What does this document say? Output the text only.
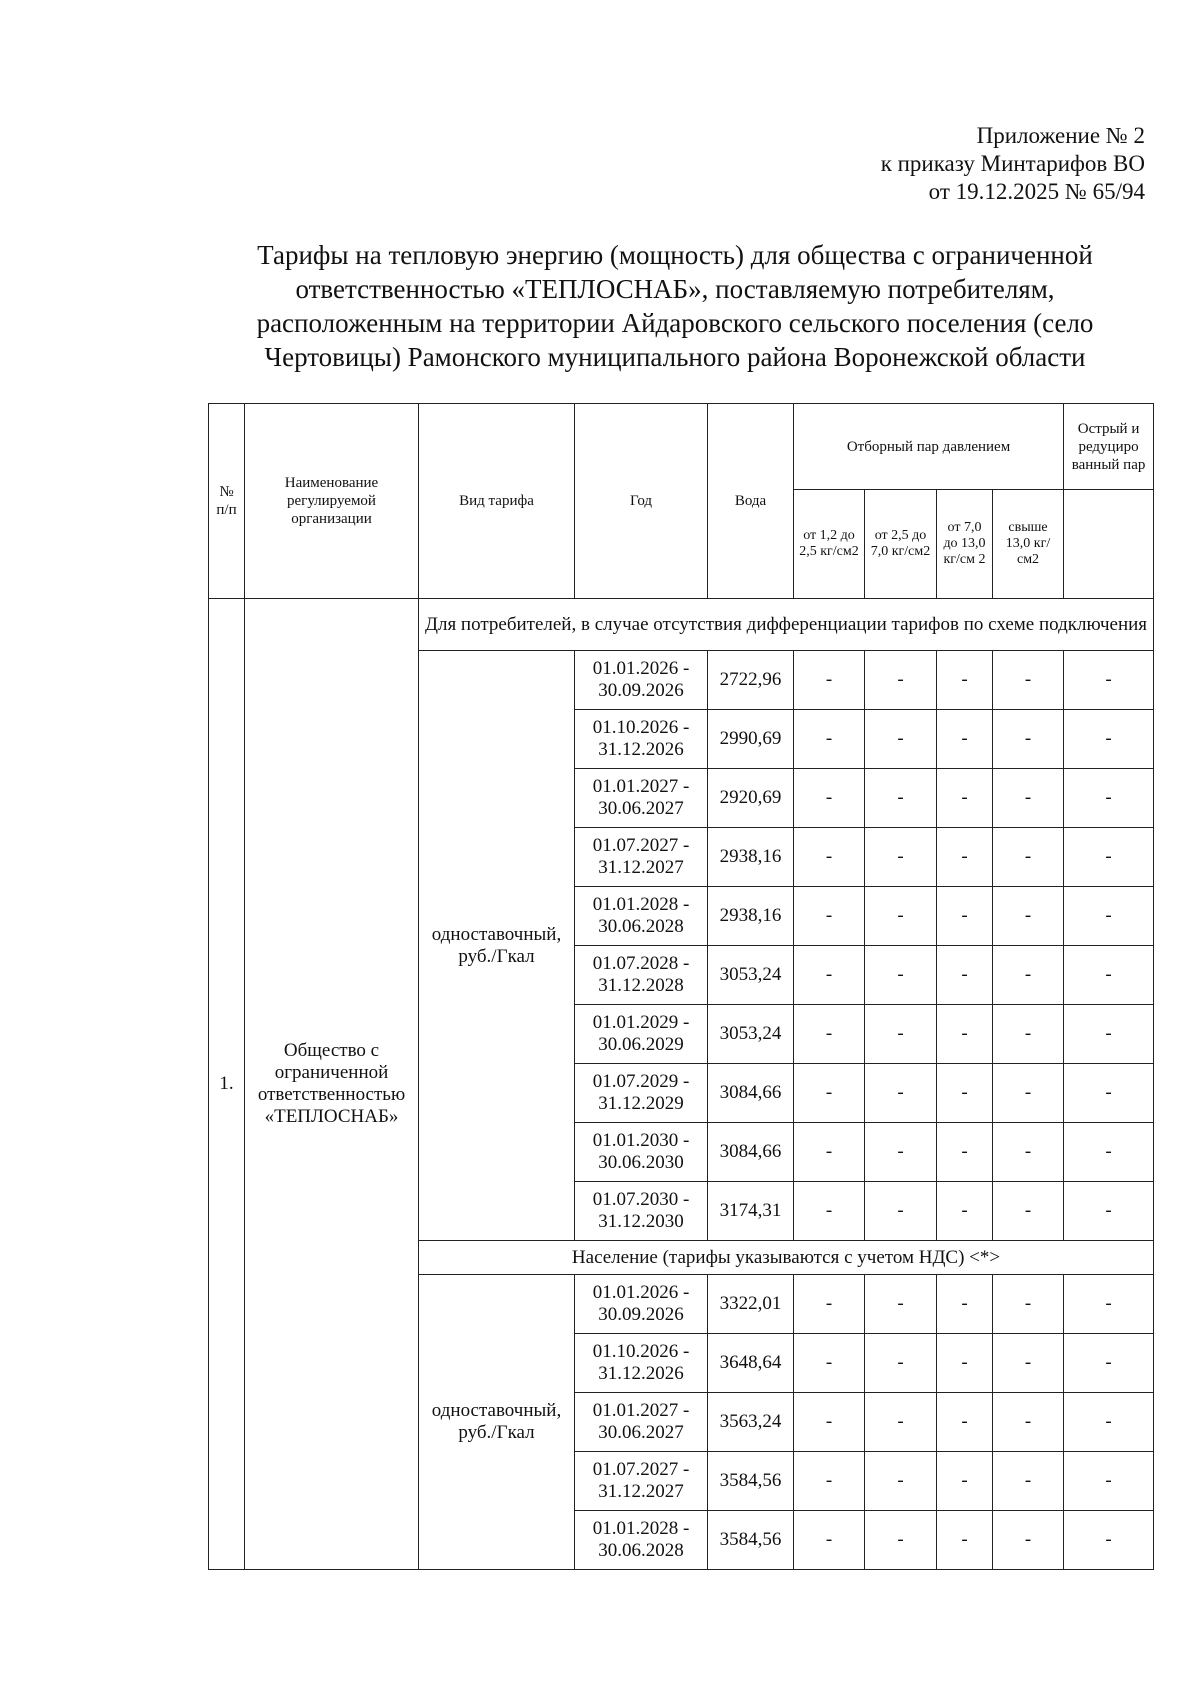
Приложение № 2
к приказу Минтарифов ВО
от 19.12.2025 № 65/94
Тарифы на тепловую энергию (мощность) для общества с ограниченной
ответственностью «ТЕПЛОСНАБ», поставляемую потребителям,
расположенным на территории Айдаровского сельского поселения (село
Чертовицы) Рамонского муниципального района Воронежской области
№ п/п	Наименование регулируемой организации	Вид тарифа	Год	Вода	Отборный пар давлением				Острый и редуциро ванный пар
					от 1,2 до 2,5 кг/см2	от 2,5 до 7,0 кг/см2	от 7,0 до 13,0 кг/см 2	свыше 13,0 кг/см2	
1.	Общество с ограниченной ответственностью «ТЕПЛОСНАБ»	Для потребителей, в случае отсутствия дифференциации тарифов по схеме подключения							
		одноставочный, руб./Гкал	01.01.2026 - 30.09.2026	2722,96	-	-	-	-	-
			01.10.2026 - 31.12.2026	2990,69	-	-	-	-	-
			01.01.2027 - 30.06.2027	2920,69	-	-	-	-	-
			01.07.2027 - 31.12.2027	2938,16	-	-	-	-	-
			01.01.2028 - 30.06.2028	2938,16	-	-	-	-	-
			01.07.2028 - 31.12.2028	3053,24	-	-	-	-	-
			01.01.2029 - 30.06.2029	3053,24	-	-	-	-	-
			01.07.2029 - 31.12.2029	3084,66	-	-	-	-	-
			01.01.2030 - 30.06.2030	3084,66	-	-	-	-	-
			01.07.2030 - 31.12.2030	3174,31	-	-	-	-	-
		Население (тарифы указываются с учетом НДС) <*>							
		одноставочный, руб./Гкал	01.01.2026 - 30.09.2026	3322,01	-	-	-	-	-
			01.10.2026 - 31.12.2026	3648,64	-	-	-	-	-
			01.01.2027 - 30.06.2027	3563,24	-	-	-	-	-
			01.07.2027 - 31.12.2027	3584,56	-	-	-	-	-
			01.01.2028 - 30.06.2028	3584,56	-	-	-	-	-
